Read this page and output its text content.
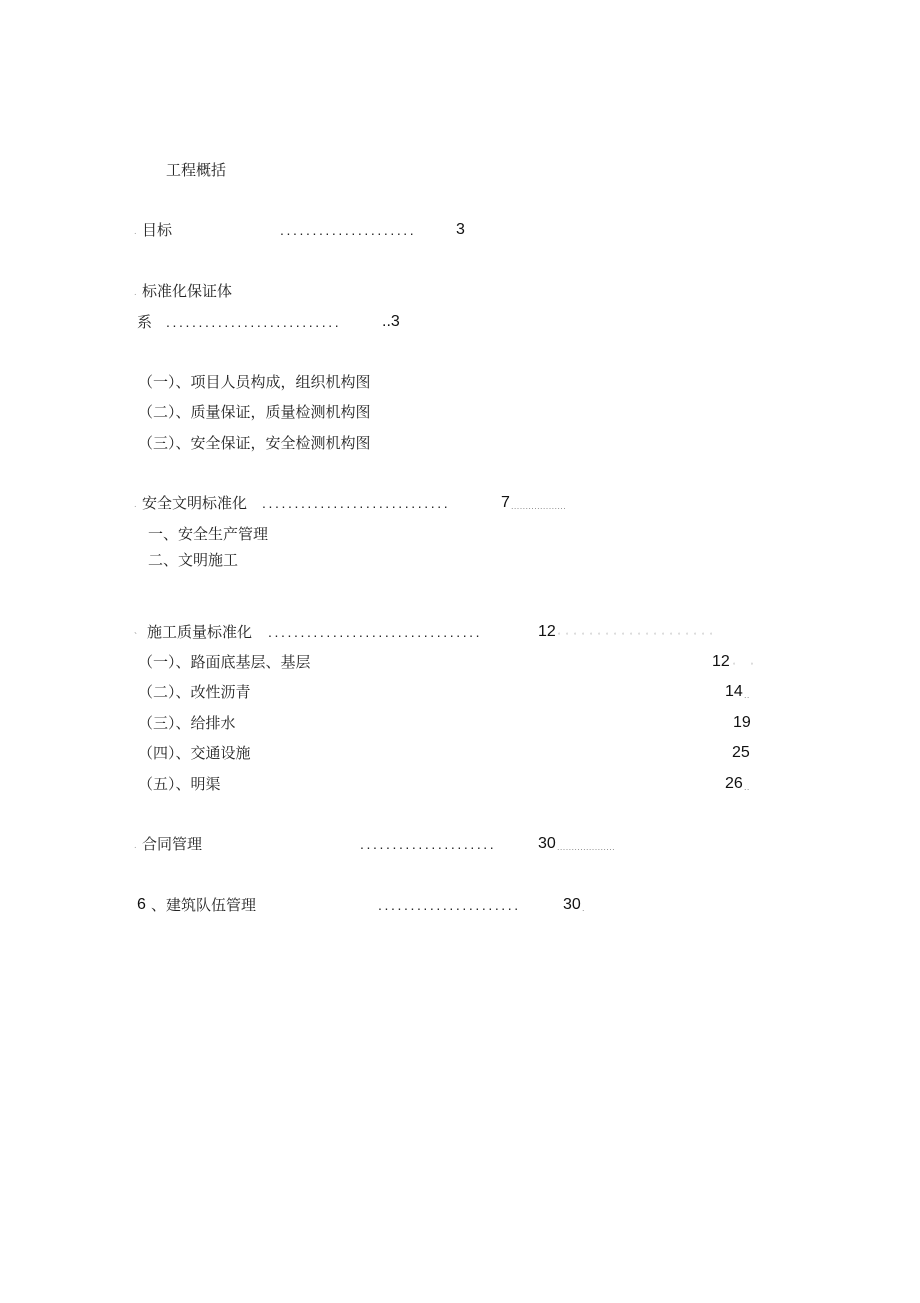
工程概括
. 目标	..................... 3
. 标准化保证体
系 ...........................	..3
（一）、项目人员构成，组织机构图
（二）、质量保证，质量检测机构图
（三）、安全保证，安全检测机构图
. 安全文明标准化 .............................	7 ...................
一、安全生产管理
二、文明施工
、 施工质量标准化 .................................	12 。。。。。。。。。。。。。。。。。。。。
（一）、路面底基层、基层	12 。 。
（二）、改性沥青	14 ..
（三）、给排水	19
（四）、交通设施	25
（五）、明渠	26 ..
. 合同管理	.....................	30 ....................
6 、建筑队伍管理	......................	30 .
